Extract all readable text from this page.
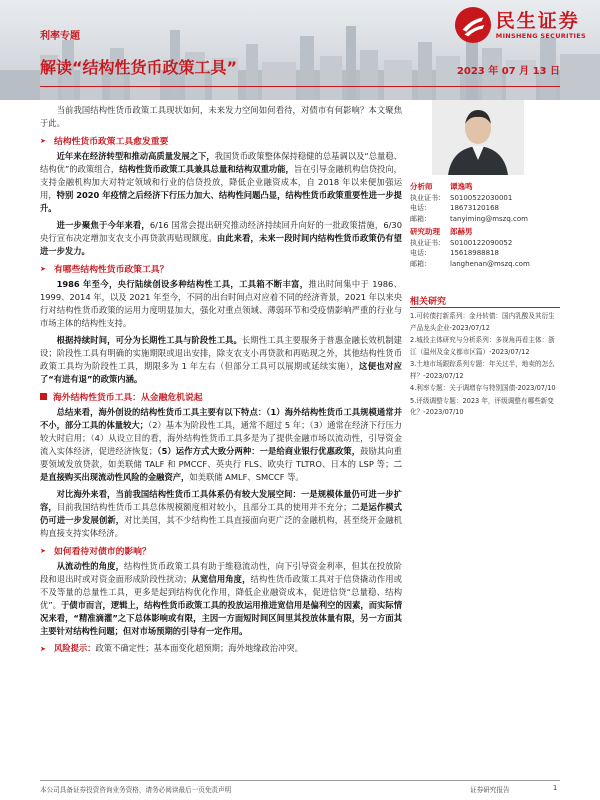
民生证券
MINSHENG SECURITIES
利率专题
解读“结构性货币政策工具”	2023 年 07 月 13 日

当前我国结构性货币政策工具现状如何，未来发力空间如何看待，对债市有何影响？本文聚焦于此。

➤ 结构性货币政策工具愈发重要

近年来在经济转型和推动高质量发展之下，我国货币政策整体保持稳健的总基调以及“总量稳、结构优”的政策组合，结构性货币政策工具兼具总量和结构双重功能，旨在引导金融机构信贷投向，支持金融机构加大对特定领域和行业的信贷投放，降低企业融资成本，自 2018 年以来便加强运用，特别 2020 年疫情之后经济下行压力加大、结构性问题凸显，结构性货币政策重要性进一步提升。

进一步聚焦于今年来看，6/16 国常会提出研究推动经济持续回升向好的一批政策措施，6/30 央行宣布决定增加支农支小再贷款再贴现额度。由此来看，未来一段时间内结构性货币政策仍有望进一步发力。

➤ 有哪些结构性货币政策工具？

1986 年至今，央行陆续创设多种结构性工具，工具箱不断丰富，推出时间集中于 1986、1999、2014 年，以及 2021 年至今，不同的出台时间点对应着不同的经济背景，2021 年以来央行对结构性货币政策的运用力度明显加大，强化对重点领域、薄弱环节和受疫情影响严重的行业与市场主体的结构性支持。

根据持续时间，可分为长期性工具与阶段性工具。长期性工具主要服务于普惠金融长效机制建设；阶段性工具有明确的实施期限或退出安排，除支农支小再贷款和再贴现之外，其他结构性货币政策工具均为阶段性工具，期限多为 1 年左右（但部分工具可以展期或延续实施），这便也对应了“有进有退”的政策内涵。

海外结构性货币工具：从金融危机说起

总结来看，海外创设的结构性货币工具主要有以下特点：（1）海外结构性货币工具规模通常并不小，部分工具的体量较大；（2）基本为阶段性工具，通常不超过 5 年；（3）通常在经济下行压力较大时启用；（4）从设立目的看，海外结构性货币工具多是为了提供金融市场以流动性，引导资金流入实体经济，促进经济恢复；（5）运作方式大致分两种：一是给商业银行优惠政策，鼓励其向重要领域发放贷款，如美联储 TALF 和 PMCCF、英央行 FLS、欧央行 TLTRO、日本的 LSP 等；二是直接购买出现流动性风险的金融资产，如美联储 AMLF、SMCCF 等。

对比海外来看，当前我国结构性货币工具体系仍有较大发展空间：一是规模体量仍可进一步扩容，目前我国结构性货币工具总体规模额度相对较小，且部分工具的使用并不充分；二是运作模式仍可进一步发展创新，对比美国，其不少结构性工具直接面向更广泛的金融机构，甚至绕开金融机构直接支持实体经济。

➤ 如何看待对债市的影响？

从流动性的角度，结构性货币政策工具有助于维稳流动性，向下引导资金利率，但其在投放阶段和退出时或对资金面形成阶段性扰动；从宽信用角度，结构性货币政策工具对于信贷撬动作用或不及等量的总量性工具，更多是起到结构优化作用，降低企业融资成本，促进信贷“总量稳、结构优”。于债市而言，逻辑上，结构性货币政策工具的投放运用推进宽信用是偏利空的因素，而实际情况来看，“精准滴灌”之下总体影响或有限，主因一方面短时间区间里其投放体量有限，另一方面其主要针对结构性问题；但对市场预期的引导有一定作用。

➤ 风险提示：政策不确定性；基本面变化超预期；海外地缘政治冲突。
分析师	谭逸鸣
执业证书： S0100522030001
电话：	18673120168
邮箱：	tanyiming@mszq.com
研究助理	郎赫男
执业证书： S0100122090052
电话：	15618988818
邮箱：	langhenan@mszq.com
相关研究
1.可转债打新系列：金丹转债：国内乳酸及其衍生产品龙头企业-2023/07/12
2.城投主体研究与分析系列：多视角再看主体：浙江（温州及金义都市区篇）-2023/07/12
3.土地市场跟踪系列专题：年关过半，地卖的怎么样？-2023/07/12
4.利率专题：关于调增存与特别国债-2023/07/10
5.评级调整专题：2023 年，评级调整有哪些新变化？-2023/07/10
本公司具备证券投资咨询业务资格，请务必阅读最后一页免责声明	证券研究报告	1
